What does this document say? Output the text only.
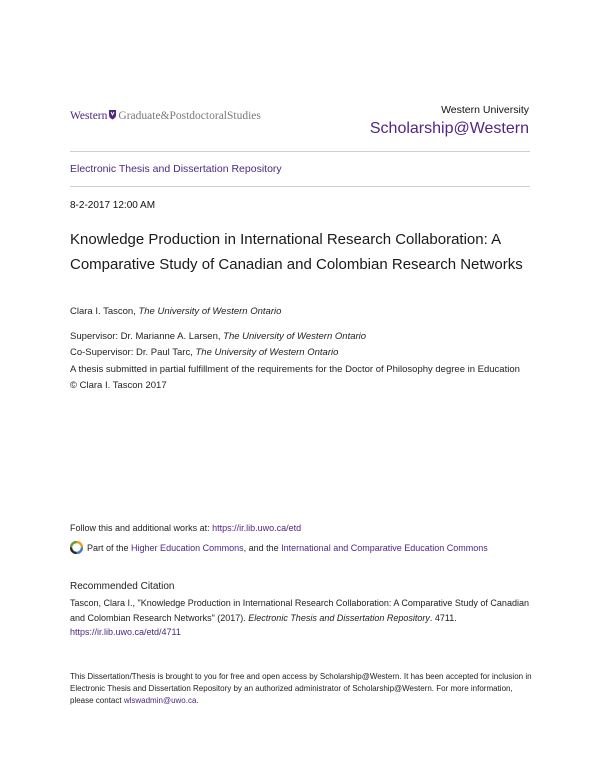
Western Graduate&PostdoctoralStudies	Western University
Scholarship@Western
Electronic Thesis and Dissertation Repository
8-2-2017 12:00 AM
Knowledge Production in International Research Collaboration: A Comparative Study of Canadian and Colombian Research Networks
Clara I. Tascon, The University of Western Ontario
Supervisor: Dr. Marianne A. Larsen, The University of Western Ontario
Co-Supervisor: Dr. Paul Tarc, The University of Western Ontario
A thesis submitted in partial fulfillment of the requirements for the Doctor of Philosophy degree in Education
© Clara I. Tascon 2017
Follow this and additional works at: https://ir.lib.uwo.ca/etd
Part of the
Higher Education Commons , and the
International and Comparative Education Commons
Recommended Citation
Tascon, Clara I., "Knowledge Production in International Research Collaboration: A Comparative Study of Canadian and Colombian Research Networks" (2017). Electronic Thesis and Dissertation Repository. 4711.
https://ir.lib.uwo.ca/etd/4711
This Dissertation/Thesis is brought to you for free and open access by Scholarship@Western. It has been accepted for inclusion in Electronic Thesis and Dissertation Repository by an authorized administrator of Scholarship@Western. For more information, please contact wlswadmin@uwo.ca.
